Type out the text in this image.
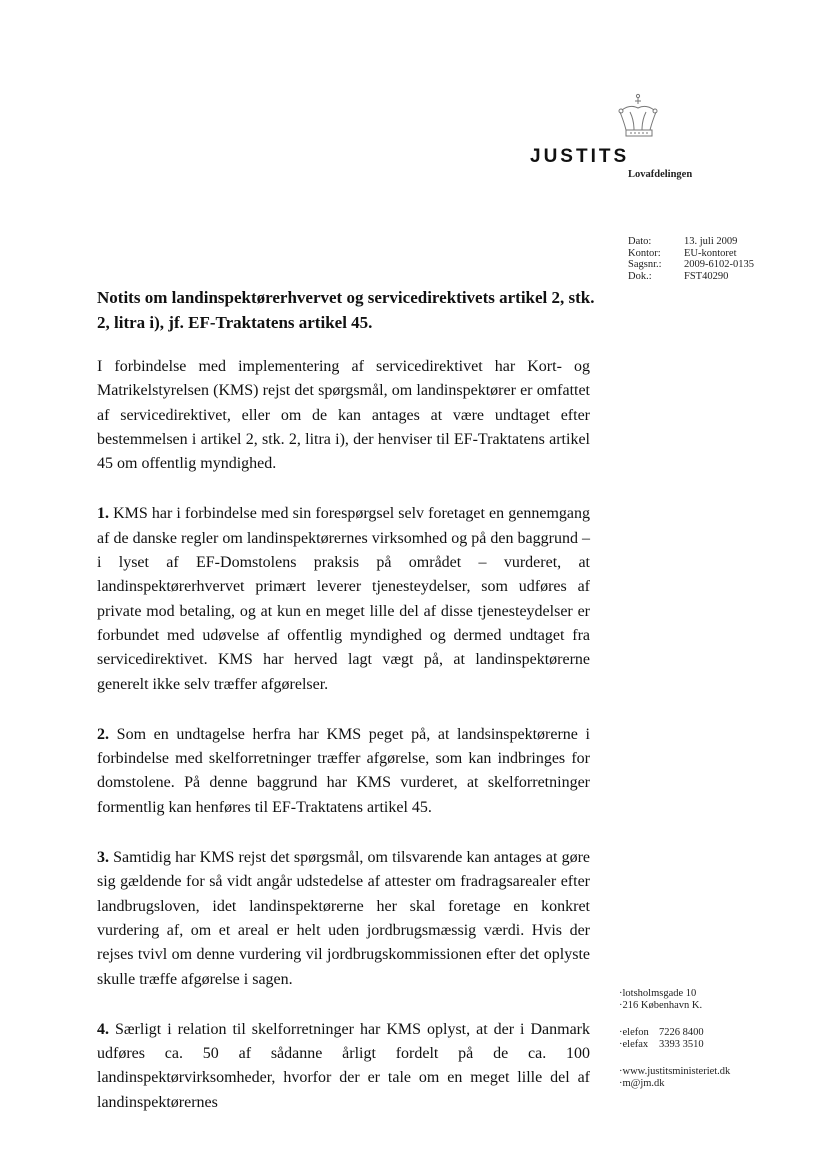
JUSTITS
Lovafdelingen
Dato:	13. juli 2009
Kontor:	EU-kontoret
Sagsnr.:	2009-6102-0135
Dok.:	FST40290
Notits om landinspektørerhvervet og servicedirektivets artikel 2, stk. 2, litra i), jf. EF-Traktatens artikel 45.

I forbindelse med implementering af servicedirektivet har Kort- og Matrikelstyrelsen (KMS) rejst det spørgsmål, om landinspektører er omfattet af servicedirektivet, eller om de kan antages at være undtaget efter bestemmelsen i artikel 2, stk. 2, litra i), der henviser til EF-Traktatens artikel 45 om offentlig myndighed.

1. KMS har i forbindelse med sin forespørgsel selv foretaget en gennemgang af de danske regler om landinspektørernes virksomhed og på den baggrund – i lyset af EF-Domstolens praksis på området – vurderet, at landinspektørerhvervet primært leverer tjenesteydelser, som udføres af private mod betaling, og at kun en meget lille del af disse tjenesteydelser er forbundet med udøvelse af offentlig myndighed og dermed undtaget fra servicedirektivet. KMS har herved lagt vægt på, at landinspektørerne generelt ikke selv træffer afgørelser.

2. Som en undtagelse herfra har KMS peget på, at landsinspektørerne i forbindelse med skelforretninger træffer afgørelse, som kan indbringes for domstolene. På denne baggrund har KMS vurderet, at skelforretninger formentlig kan henføres til EF-Traktatens artikel 45.

3. Samtidig har KMS rejst det spørgsmål, om tilsvarende kan antages at gøre sig gældende for så vidt angår udstedelse af attester om fradragsarealer efter landbrugsloven, idet landinspektørerne her skal foretage en konkret vurdering af, om et areal er helt uden jordbrugsmæssig værdi. Hvis der rejses tvivl om denne vurdering vil jordbrugskommissionen efter det oplyste skulle træffe afgørelse i sagen.

4. Særligt i relation til skelforretninger har KMS oplyst, at der i Danmark udføres ca. 50 af sådanne årligt fordelt på de ca. 100 landinspektørvirksomheder, hvorfor der er tale om en meget lille del af landinspektørernes

·lotsholmsgade 10
·216 København K.
·elefon 7226 8400
·elefax	3393 3510
·www.justitsministeriet.dk
·m@jm.dk
